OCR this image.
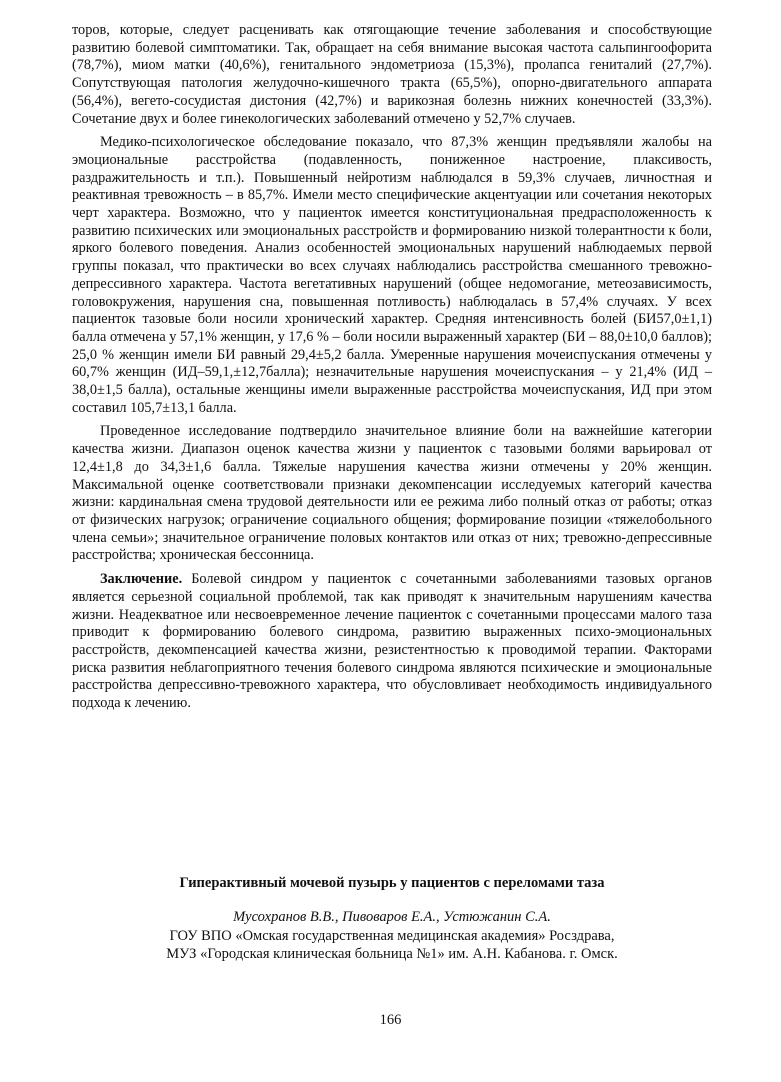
торов, которые, следует расценивать как отягощающие течение заболевания и способствующие развитию болевой симптоматики. Так, обращает на себя внимание высокая частота сальпингоофорита (78,7%), миом матки (40,6%), генитального эндометриоза (15,3%), пролапса гениталий (27,7%). Сопутствующая патология желудочно-кишечного тракта (65,5%), опорно-двигательного аппарата (56,4%), вегето-сосудистая дистония (42,7%) и варикозная болезнь нижних конечностей (33,3%). Сочетание двух и более гинекологических заболеваний отмечено у 52,7% случаев.

Медико-психологическое обследование показало, что 87,3% женщин предъявляли жалобы на эмоциональные расстройства (подавленность, пониженное настроение, плаксивость, раздражительность и т.п.). Повышенный нейротизм наблюдался в 59,3% случаев, личностная и реактивная тревожность – в 85,7%. Имели место специфические акцентуации или сочетания некоторых черт характера. Возможно, что у пациенток имеется конституциональная предрасположенность к развитию психических или эмоциональных расстройств и формированию низкой толерантности к боли, яркого болевого поведения. Анализ особенностей эмоциональных нарушений наблюдаемых первой группы показал, что практически во всех случаях наблюдались расстройства смешанного тревожно-депрессивного характера. Частота вегетативных нарушений (общее недомогание, метеозависимость, головокружения, нарушения сна, повышенная потливость) наблюдалась в 57,4% случаях. У всех пациенток тазовые боли носили хронический характер. Средняя интенсивность болей (БИ57,0±1,1) балла отмечена у 57,1% женщин, у 17,6 % – боли носили выраженный характер (БИ – 88,0±10,0 баллов); 25,0 % женщин имели БИ равный 29,4±5,2 балла. Умеренные нарушения мочеиспускания отмечены у 60,7% женщин (ИД–59,1,±12,7балла); незначительные нарушения мочеиспускания – у 21,4% (ИД – 38,0±1,5 балла), остальные женщины имели выраженные расстройства мочеиспускания, ИД при этом составил 105,7±13,1 балла.

Проведенное исследование подтвердило значительное влияние боли на важнейшие категории качества жизни. Диапазон оценок качества жизни у пациенток с тазовыми болями варьировал от 12,4±1,8 до 34,3±1,6 балла. Тяжелые нарушения качества жизни отмечены у 20% женщин. Максимальной оценке соответствовали признаки декомпенсации исследуемых категорий качества жизни: кардинальная смена трудовой деятельности или ее режима либо полный отказ от работы; отказ от физических нагрузок; ограничение социального общения; формирование позиции «тяжелобольного члена семьи»; значительное ограничение половых контактов или отказ от них; тревожно-депрессивные расстройства; хроническая бессонница.

Заключение. Болевой синдром у пациенток с сочетанными заболеваниями тазовых органов является серьезной социальной проблемой, так как приводят к значительным нарушениям качества жизни. Неадекватное или несвоевременное лечение пациенток с сочетанными процессами малого таза приводит к формированию болевого синдрома, развитию выраженных психо-эмоциональных расстройств, декомпенсацией качества жизни, резистентностью к проводимой терапии. Факторами риска развития неблагоприятного течения болевого синдрома являются психические и эмоциональные расстройства депрессивно-тревожного характера, что обусловливает необходимость индивидуального подхода к лечению.

Гиперактивный мочевой пузырь у пациентов с переломами таза
Мусохранов В.В., Пивоваров Е.А., Устюжанин С.А.
ГОУ ВПО «Омская государственная медицинская академия» Росздрава,
МУЗ «Городская клиническая больница №1» им. А.Н. Кабанова. г. Омск.
166
